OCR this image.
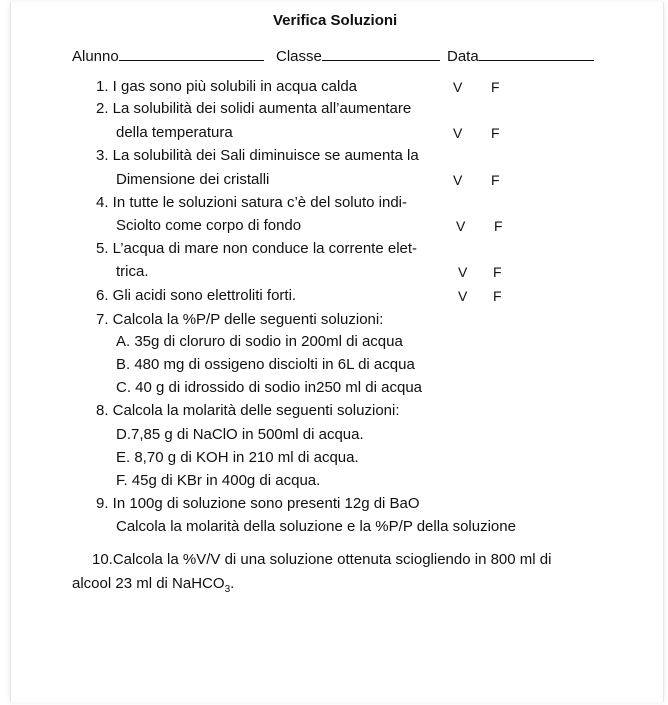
Verifica Soluzioni
Alunno	Classe	Data
1. I gas sono più solubili in acqua calda	V F
2. La solubilità dei solidi aumenta all’aumentare
della temperatura	V F
3. La solubilità dei Sali diminuisce se aumenta la
Dimensione dei cristalli	V F
4. In tutte le soluzioni satura c’è del soluto indi-
Sciolto come corpo di fondo	V F
5. L’acqua di mare non conduce la corrente elet-
trica.	V F
6. Gli acidi sono elettroliti forti.	V F
7. Calcola la %P/P delle seguenti soluzioni:
A. 35g di cloruro di sodio in 200ml di acqua
B. 480 mg di ossigeno disciolti in 6L di acqua
C. 40 g di idrossido di sodio in250 ml di acqua
8. Calcola la molarità delle seguenti soluzioni:
D.7,85 g di NaClO in 500ml di acqua.
E. 8,70 g di KOH in 210 ml di acqua.
F. 45g di KBr in 400g di acqua.
9. In 100g di soluzione sono presenti 12g di BaO
Calcola la molarità della soluzione e la %P/P della soluzione
10.Calcola la %V/V di una soluzione ottenuta sciogliendo in 800 ml di
alcool 23 ml di NaHCO$_3$.
